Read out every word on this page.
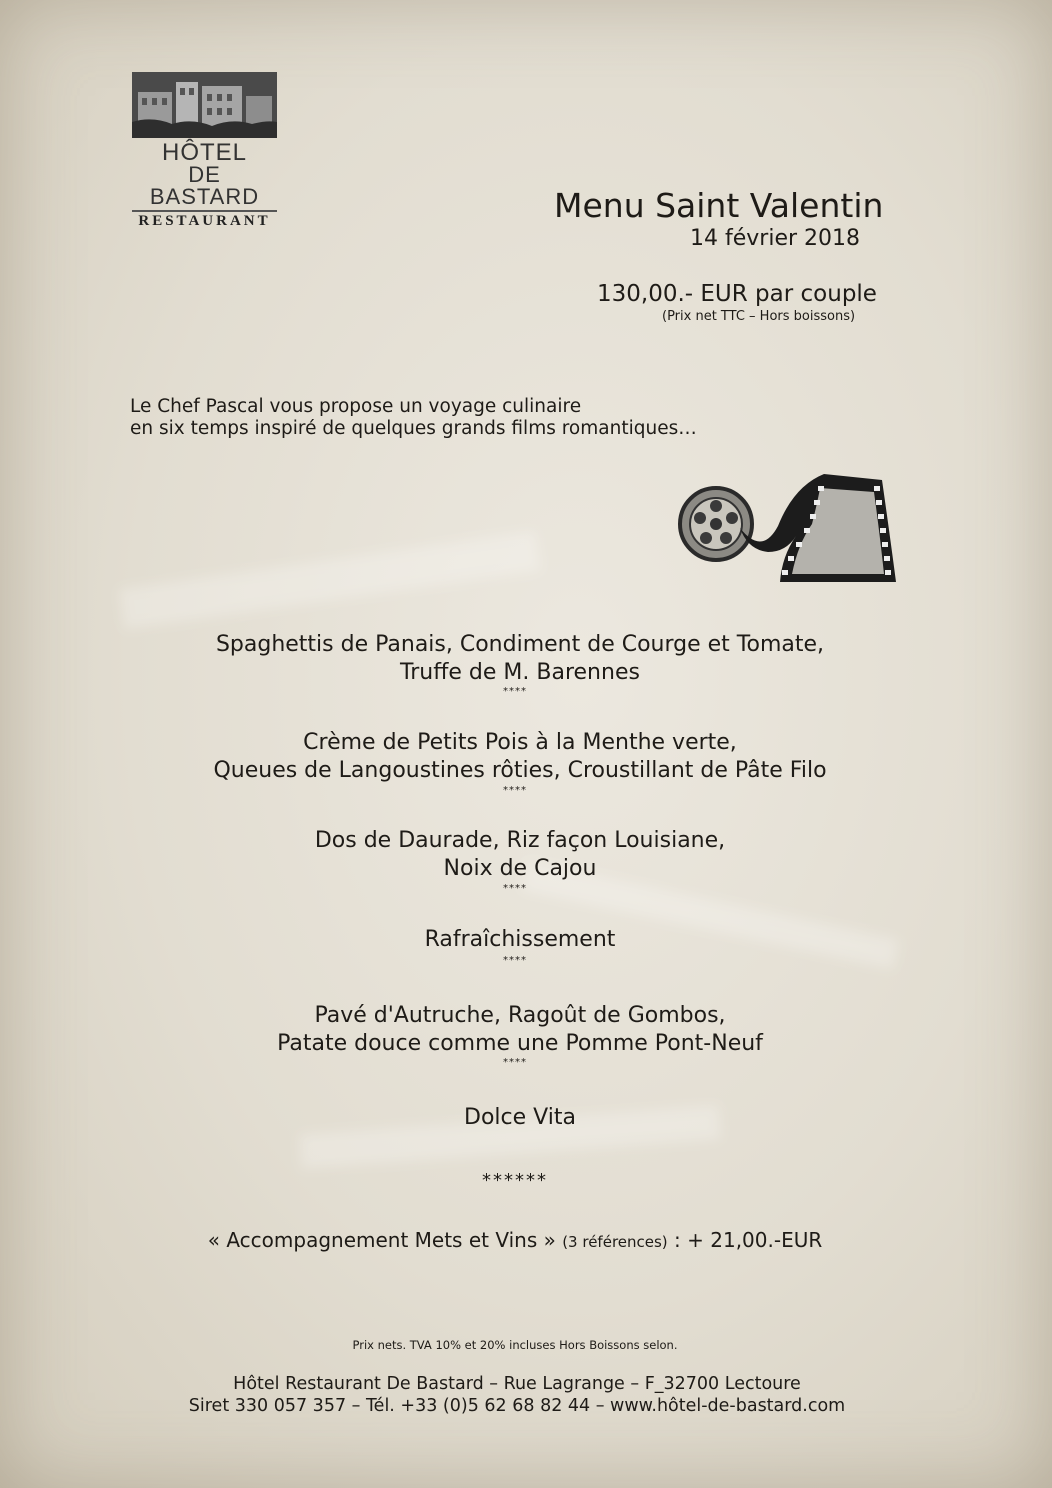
HÔTEL
DE BASTARD
RESTAURANT	Menu Saint Valentin
14 février 2018
130,00.- EUR par couple
(Prix net TTC – Hors boissons)
Le Chef Pascal vous propose un voyage culinaire
en six temps inspiré de quelques grands films romantiques…
Spaghettis de Panais, Condiment de Courge et Tomate,
Truffe de M. Barennes
****
Crème de Petits Pois à la Menthe verte,
Queues de Langoustines rôties, Croustillant de Pâte Filo
****
Dos de Daurade, Riz façon Louisiane,
Noix de Cajou
****
Rafraîchissement
****
Pavé d'Autruche, Ragoût de Gombos,
Patate douce comme une Pomme Pont-Neuf
****
Dolce Vita
******
« Accompagnement Mets et Vins » (3 références) : + 21,00.-EUR
Prix nets. TVA 10% et 20% incluses Hors Boissons selon.
Hôtel Restaurant De Bastard – Rue Lagrange – F_32700 Lectoure
Siret 330 057 357 – Tél. +33 (0)5 62 68 82 44 – www.hôtel-de-bastard.com
